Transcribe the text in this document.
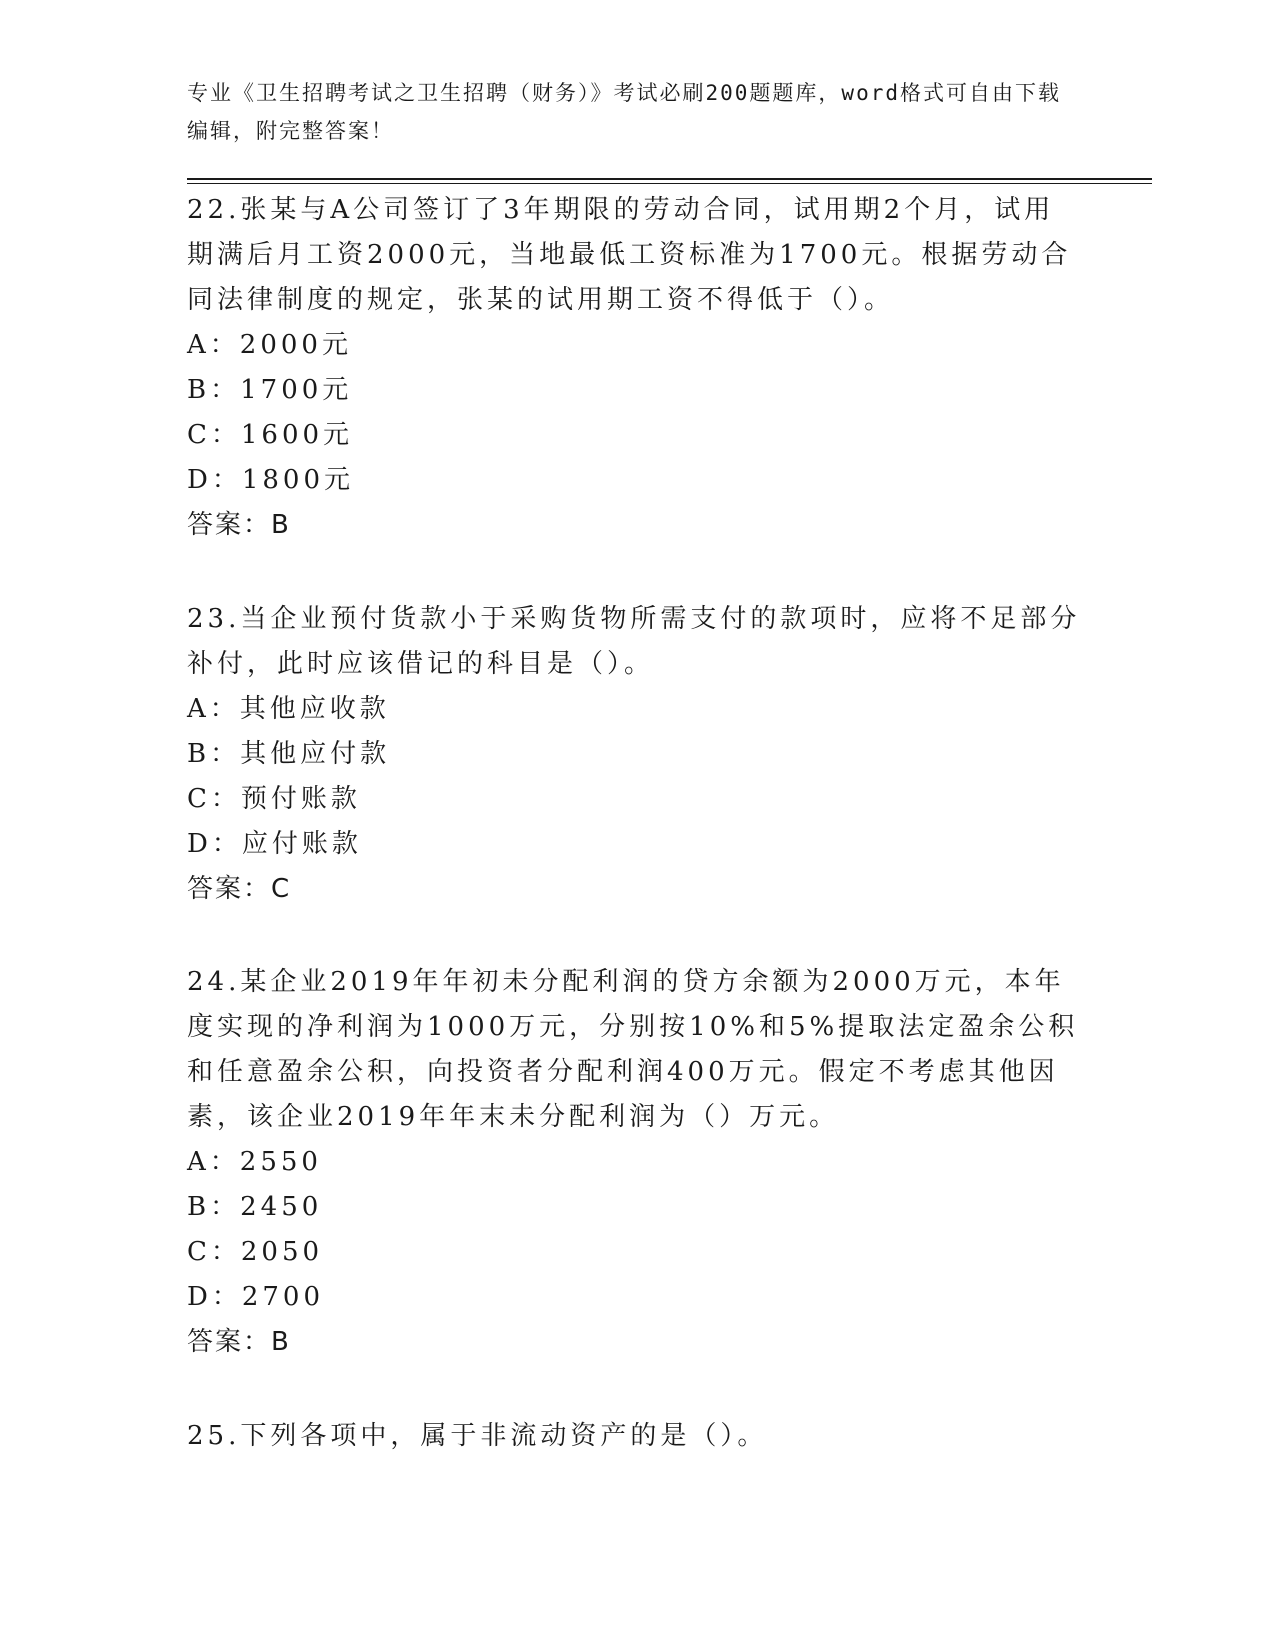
专业《卫生招聘考试之卫生招聘（财务）》考试必刷200题题库，word格式可自由下载编辑，附完整答案！

22.张某与A公司签订了3年期限的劳动合同，试用期2个月，试用期满后月工资2000元，当地最低工资标准为1700元。根据劳动合同法律制度的规定，张某的试用期工资不得低于（）。

A：2000元

B：1700元

C：1600元

D：1800元

答案：B

23.当企业预付货款小于采购货物所需支付的款项时，应将不足部分补付，此时应该借记的科目是（）。

A：其他应收款

B：其他应付款

C：预付账款

D：应付账款

答案：C

24.某企业2019年年初未分配利润的贷方余额为2000万元，本年度实现的净利润为1000万元，分别按10%和5%提取法定盈余公积和任意盈余公积，向投资者分配利润400万元。假定不考虑其他因素，该企业2019年年末未分配利润为（）万元。

A：2550

B：2450

C：2050

D：2700

答案：B

25.下列各项中，属于非流动资产的是（）。
